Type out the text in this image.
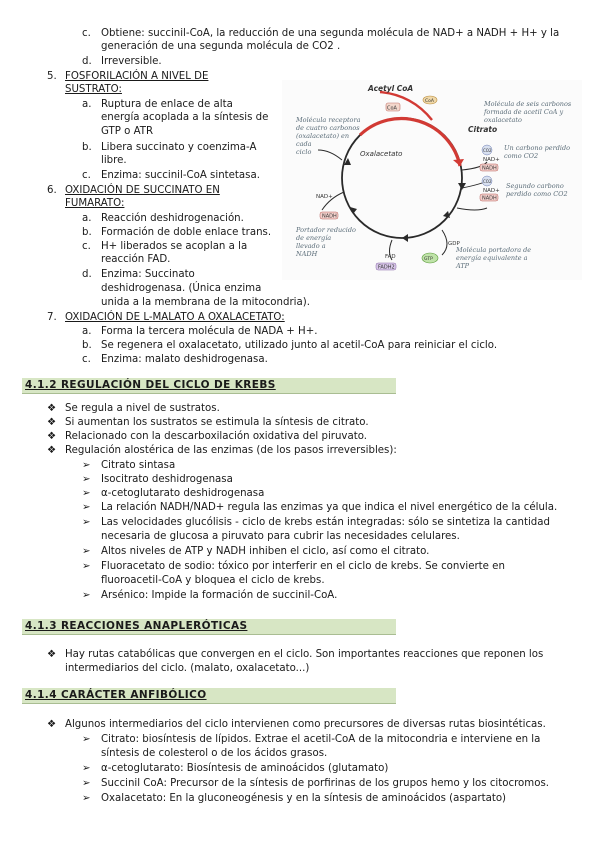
c. Obtiene: succinil-CoA, la reducción de una segunda molécula de NAD+ a NADH + H+ y la
generación de una segunda molécula de CO2 .
d. Irreversible.
5. FOSFORILACIÓN A NIVEL DE
SUSTRATO:
a. Ruptura de enlace de alta
energía acoplada a la síntesis de
GTP o ATR
b. Libera succinato y coenzima-A
libre.
c. Enzima: succinil-CoA sintetasa.
6. OXIDACIÓN DE SUCCINATO EN
FUMARATO:
a. Reacción deshidrogenación.
b. Formación de doble enlace trans.
c. H+ liberados se acoplan a la
reacción FAD.
d. Enzima: Succinato
deshidrogenasa. (Única enzima
unida a la membrana de la mitocondria).
7. OXIDACIÓN DE L-MALATO A OXALACETATO:
a. Forma la tercera molécula de NADA + H+.
b. Se regenera el oxalacetato, utilizado junto al acetil-CoA para reiniciar el ciclo.
c. Enzima: malato deshidrogenasa.
Acetyl CoA
Citrato
Oxalacetato
CoA
CoA
NAD+
NADH
CO2
NAD+
NADH
CO2
GDP
GTP
FAD
FADH2
NAD+
NADH
Molécula receptora
de cuatro carbonos
(oxalacetato) en
cada
ciclo
Molécula de seis carbonos
formada de acetil CoA y
oxalacetato
Un carbono perdido
como CO2
Segundo carbono
perdido como CO2
Portador reducido
de energía
llevado a
NADH	Molécula portadora de
energía equivalente a
ATP
4.1.2 REGULACIÓN DEL CICLO DE KREBS
❖ Se regula a nivel de sustratos.
❖ Si aumentan los sustratos se estimula la síntesis de citrato.
❖ Relacionado con la descarboxilación oxidativa del piruvato.
❖ Regulación alostérica de las enzimas (de los pasos irreversibles):
➢ Citrato sintasa
➢ Isocitrato deshidrogenasa
➢ α-cetoglutarato deshidrogenasa
➢ La relación NADH/NAD+ regula las enzimas ya que indica el nivel energético de la célula.
➢ Las velocidades glucólisis - ciclo de krebs están integradas: sólo se sintetiza la cantidad
necesaria de glucosa a piruvato para cubrir las necesidades celulares.
➢ Altos niveles de ATP y NADH inhiben el ciclo, así como el citrato.
➢ Fluoracetato de sodio: tóxico por interferir en el ciclo de krebs. Se convierte en
fluoroacetil-CoA y bloquea el ciclo de krebs.
➢ Arsénico: Impide la formación de succinil-CoA.
4.1.3 REACCIONES ANAPLERÓTICAS
❖ Hay rutas catabólicas que convergen en el ciclo. Son importantes reacciones que reponen los
intermediarios del ciclo. (malato, oxalacetato...)
4.1.4 CARÁCTER ANFIBÓLICO
❖ Algunos intermediarios del ciclo intervienen como precursores de diversas rutas biosintéticas.
➢ Citrato: biosíntesis de lípidos. Extrae el acetil-CoA de la mitocondria e interviene en la
síntesis de colesterol o de los ácidos grasos.
➢ α-cetoglutarato: Biosíntesis de aminoácidos (glutamato)
➢ Succinil CoA: Precursor de la síntesis de porfirinas de los grupos hemo y los citocromos.
➢ Oxalacetato: En la gluconeogénesis y en la síntesis de aminoácidos (aspartato)
